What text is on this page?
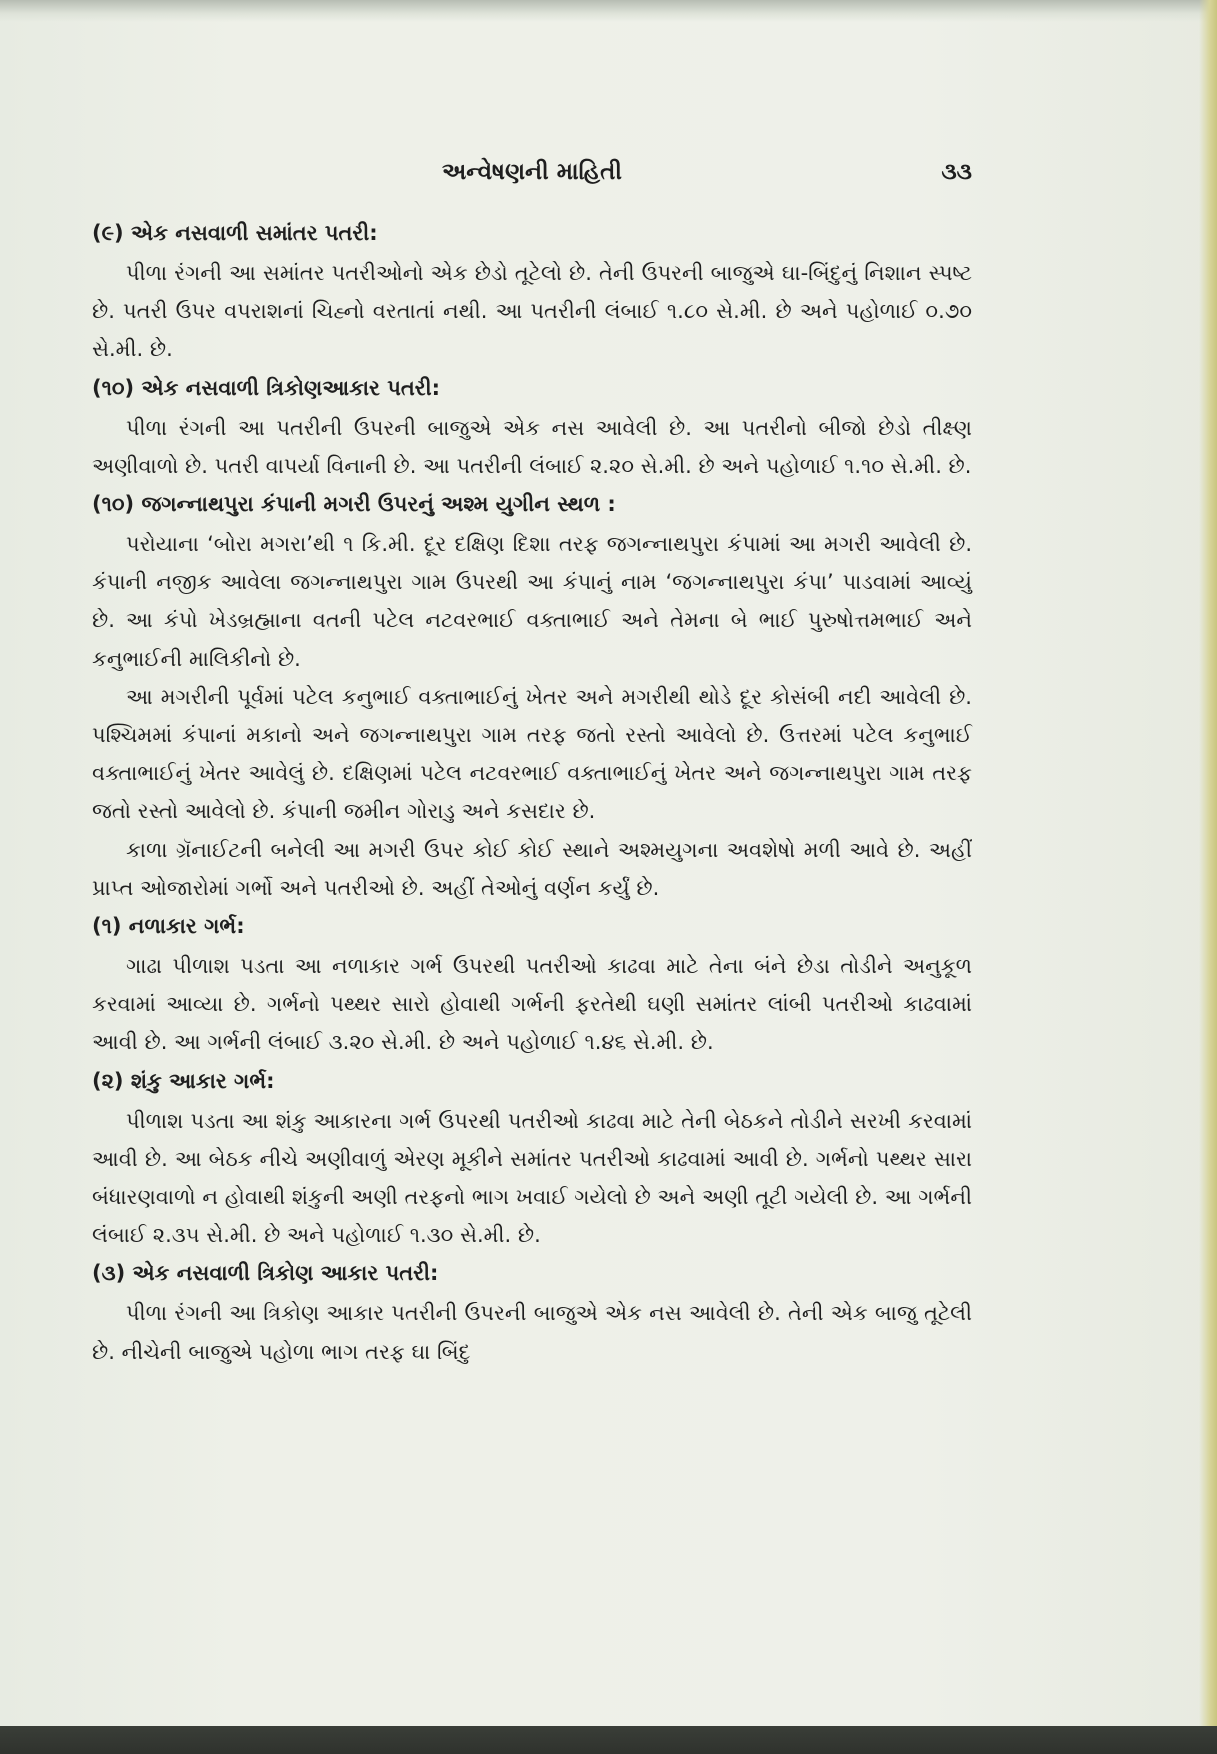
અન્વેષણની માહિતી	૩૩
(૯) એક નસવાળી સમાંતર પતરી:

પીળા રંગની આ સમાંતર પતરીઓનો એક છેડો તૂટેલો છે. તેની ઉપરની બાજુએ ઘા-બિંદુનું નિશાન સ્પષ્ટ છે. પતરી ઉપર વપરાશનાં ચિહ્નો વરતાતાં નથી. આ પતરીની લંબાઈ ૧.૮૦ સે.મી. છે અને પહોળાઈ ૦.૭૦ સે.મી. છે.

(૧૦) એક નસવાળી ત્રિકોણઆકાર પતરી:

પીળા રંગની આ પતરીની ઉપરની બાજુએ એક નસ આવેલી છે. આ પતરીનો બીજો છેડો તીક્ષ્ણ અણીવાળો છે. પતરી વાપર્યા વિનાની છે. આ પતરીની લંબાઈ ૨.૨૦ સે.મી. છે અને પહોળાઈ ૧.૧૦ સે.મી. છે.

(૧૦) જગન્નાથપુરા કંપાની મગરી ઉપરનું અશ્મ યુગીન સ્થળ :

પરોયાના ‘બોરા મગરા’થી ૧ કિ.મી. દૂર દક્ષિણ દિશા તરફ જગન્નાથપુરા કંપામાં આ મગરી આવેલી છે. કંપાની નજીક આવેલા જગન્નાથપુરા ગામ ઉપરથી આ કંપાનું નામ ‘જગન્નાથપુરા કંપા’ પાડવામાં આવ્યું છે. આ કંપો ખેડબ્રહ્માના વતની પટેલ નટવરભાઈ વક્તાભાઈ અને તેમના બે ભાઈ પુરુષોત્તમભાઈ અને કનુભાઈની માલિકીનો છે.

આ મગરીની પૂર્વમાં પટેલ કનુભાઈ વક્તાભાઈનું ખેતર અને મગરીથી થોડે દૂર કોસંબી નદી આવેલી છે. પશ્ચિમમાં કંપાનાં મકાનો અને જગન્નાથપુરા ગામ તરફ જતો રસ્તો આવેલો છે. ઉત્તરમાં પટેલ કનુભાઈ વક્તાભાઈનું ખેતર આવેલું છે. દક્ષિણમાં પટેલ નટવરભાઈ વક્તાભાઈનું ખેતર અને જગન્નાથપુરા ગામ તરફ જતો રસ્તો આવેલો છે. કંપાની જમીન ગોરાડુ અને કસદાર છે.

કાળા ગ્રૅનાઈટની બનેલી આ મગરી ઉપર કોઈ કોઈ સ્થાને અશ્મયુગના અવશેષો મળી આવે છે. અહીં પ્રાપ્ત ઓજારોમાં ગર્ભો અને પતરીઓ છે. અહીં તેઓનું વર્ણન કર્યું છે.

(૧) નળાકાર ગર્ભ:

ગાઢા પીળાશ પડતા આ નળાકાર ગર્ભ ઉપરથી પતરીઓ કાઢવા માટે તેના બંને છેડા તોડીને અનુકૂળ કરવામાં આવ્યા છે. ગર્ભનો પથ્થર સારો હોવાથી ગર્ભની ફરતેથી ઘણી સમાંતર લાંબી પતરીઓ કાઢવામાં આવી છે. આ ગર્ભની લંબાઈ ૩.૨૦ સે.મી. છે અને પહોળાઈ ૧.૪૬ સે.મી. છે.

(૨) શંકુ આકાર ગર્ભ:

પીળાશ પડતા આ શંકુ આકારના ગર્ભ ઉપરથી પતરીઓ કાઢવા માટે તેની બેઠકને તોડીને સરખી કરવામાં આવી છે. આ બેઠક નીચે અણીવાળું એરણ મૂકીને સમાંતર પતરીઓ કાઢવામાં આવી છે. ગર્ભનો પથ્થર સારા બંધારણવાળો ન હોવાથી શંકુની અણી તરફનો ભાગ ખવાઈ ગયેલો છે અને અણી તૂટી ગયેલી છે. આ ગર્ભની લંબાઈ ૨.૩૫ સે.મી. છે અને પહોળાઈ ૧.૩૦ સે.મી. છે.

(૩) એક નસવાળી ત્રિકોણ આકાર પતરી:

પીળા રંગની આ ત્રિકોણ આકાર પતરીની ઉપરની બાજુએ એક નસ આવેલી છે. તેની એક બાજુ તૂટેલી છે. નીચેની બાજુએ પહોળા ભાગ તરફ ઘા બિંદુ
